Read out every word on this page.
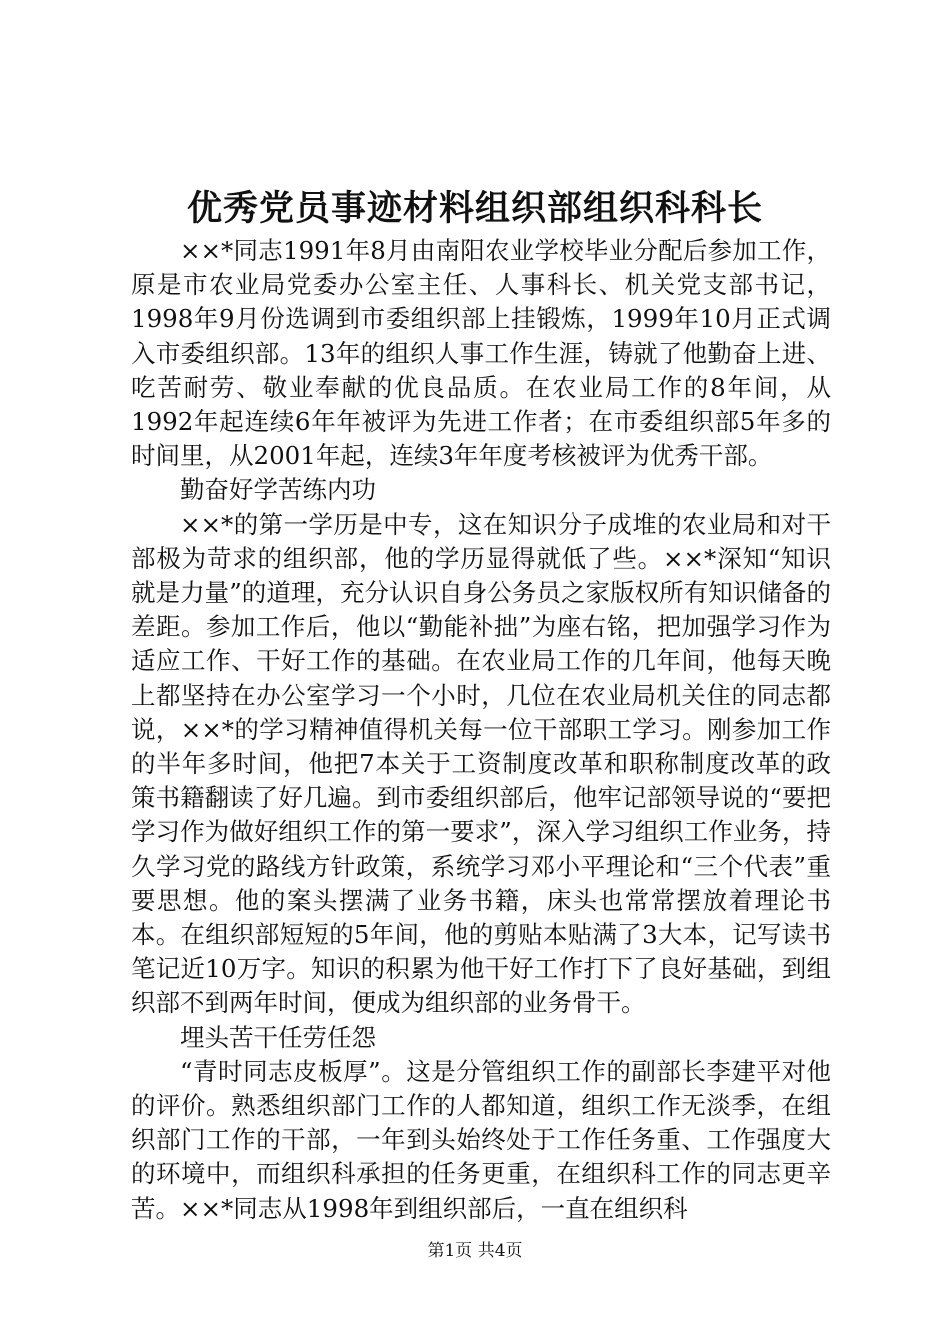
优秀党员事迹材料组织部组织科科长

××*同志1991年8月由南阳农业学校毕业分配后参加工作，原是市农业局党委办公室主任、人事科长、机关党支部书记，1998年9月份选调到市委组织部上挂锻炼，1999年10月正式调入市委组织部。13年的组织人事工作生涯，铸就了他勤奋上进、吃苦耐劳、敬业奉献的优良品质。在农业局工作的8年间，从1992年起连续6年年被评为先进工作者；在市委组织部5年多的时间里，从2001年起，连续3年年度考核被评为优秀干部。

勤奋好学苦练内功

××*的第一学历是中专，这在知识分子成堆的农业局和对干部极为苛求的组织部，他的学历显得就低了些。××*深知“知识就是力量”的道理，充分认识自身公务员之家版权所有知识储备的差距。参加工作后，他以“勤能补拙”为座右铭，把加强学习作为适应工作、干好工作的基础。在农业局工作的几年间，他每天晚上都坚持在办公室学习一个小时，几位在农业局机关住的同志都说，××*的学习精神值得机关每一位干部职工学习。刚参加工作的半年多时间，他把7本关于工资制度改革和职称制度改革的政策书籍翻读了好几遍。到市委组织部后，他牢记部领导说的“要把学习作为做好组织工作的第一要求”，深入学习组织工作业务，持久学习党的路线方针政策，系统学习邓小平理论和“三个代表”重要思想。他的案头摆满了业务书籍，床头也常常摆放着理论书本。在组织部短短的5年间，他的剪贴本贴满了3大本，记写读书笔记近10万字。知识的积累为他干好工作打下了良好基础，到组织部不到两年时间，便成为组织部的业务骨干。

埋头苦干任劳任怨

“青时同志皮板厚”。这是分管组织工作的副部长李建平对他的评价。熟悉组织部门工作的人都知道，组织工作无淡季，在组织部门工作的干部，一年到头始终处于工作任务重、工作强度大的环境中，而组织科承担的任务更重，在组织科工作的同志更辛苦。××*同志从1998年到组织部后，一直在组织科

第1页 共4页
